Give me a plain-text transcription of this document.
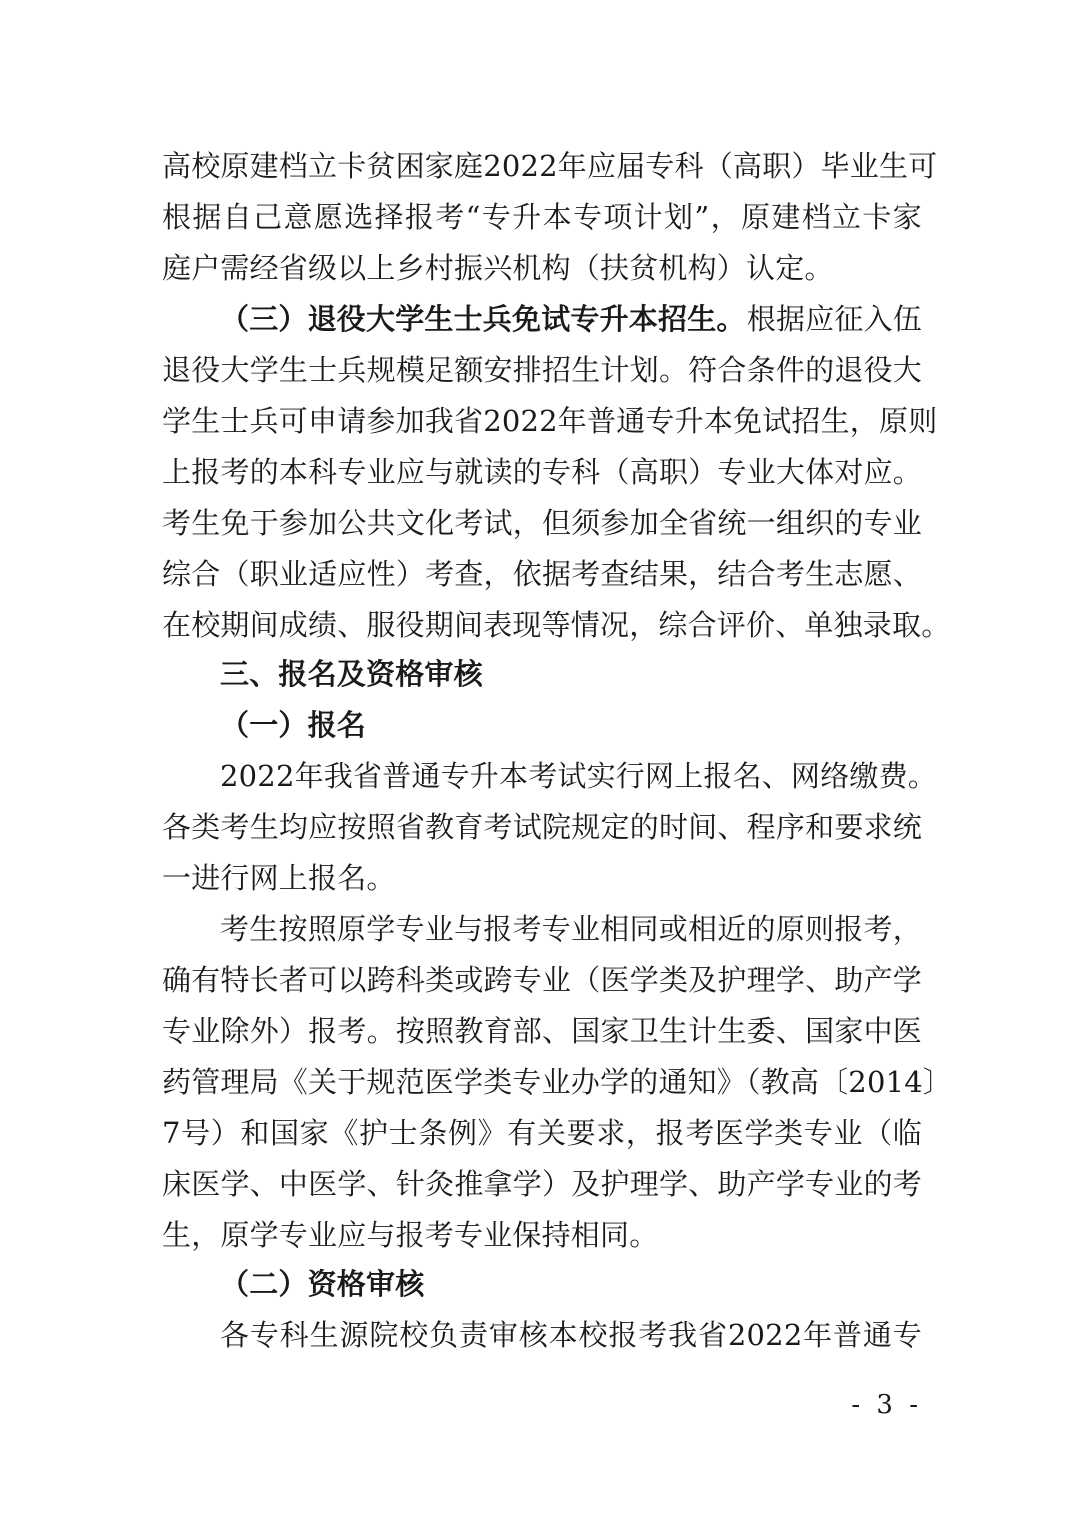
高校原建档立卡贫困家庭2022年应届专科（高职）毕业生可
根据自己意愿选择报考“专升本专项计划”，原建档立卡家
庭户需经省级以上乡村振兴机构（扶贫机构）认定。
（三）退役大学生士兵免试专升本招生。 根据应征入伍
退役大学生士兵规模足额安排招生计划。符合条件的退役大
学生士兵可申请参加我省2022年普通专升本免试招生，原则
上报考的本科专业应与就读的专科（高职）专业大体对应。
考生免于参加公共文化考试，但须参加全省统一组织的专业
综合（职业适应性）考查，依据考查结果，结合考生志愿、
在校期间成绩、服役期间表现等情况，综合评价、单独录取。
三、报名及资格审核
（一）报名
2022年我省普通专升本考试实行网上报名、网络缴费。
各类考生均应按照省教育考试院规定的时间、程序和要求统
一进行网上报名。
考生按照原学专业与报考专业相同或相近的原则报考，
确有特长者可以跨科类或跨专业（医学类及护理学、助产学
专业除外）报考。按照教育部、国家卫生计生委、国家中医
药管理局《关于规范医学类专业办学的通知》（教高〔2014〕
7号）和国家《护士条例》有关要求，报考医学类专业（临
床医学、中医学、针灸推拿学）及护理学、助产学专业的考
生，原学专业应与报考专业保持相同。
（二）资格审核
各专科生源院校负责审核本校报考我省2022年普通专
- 3 -
